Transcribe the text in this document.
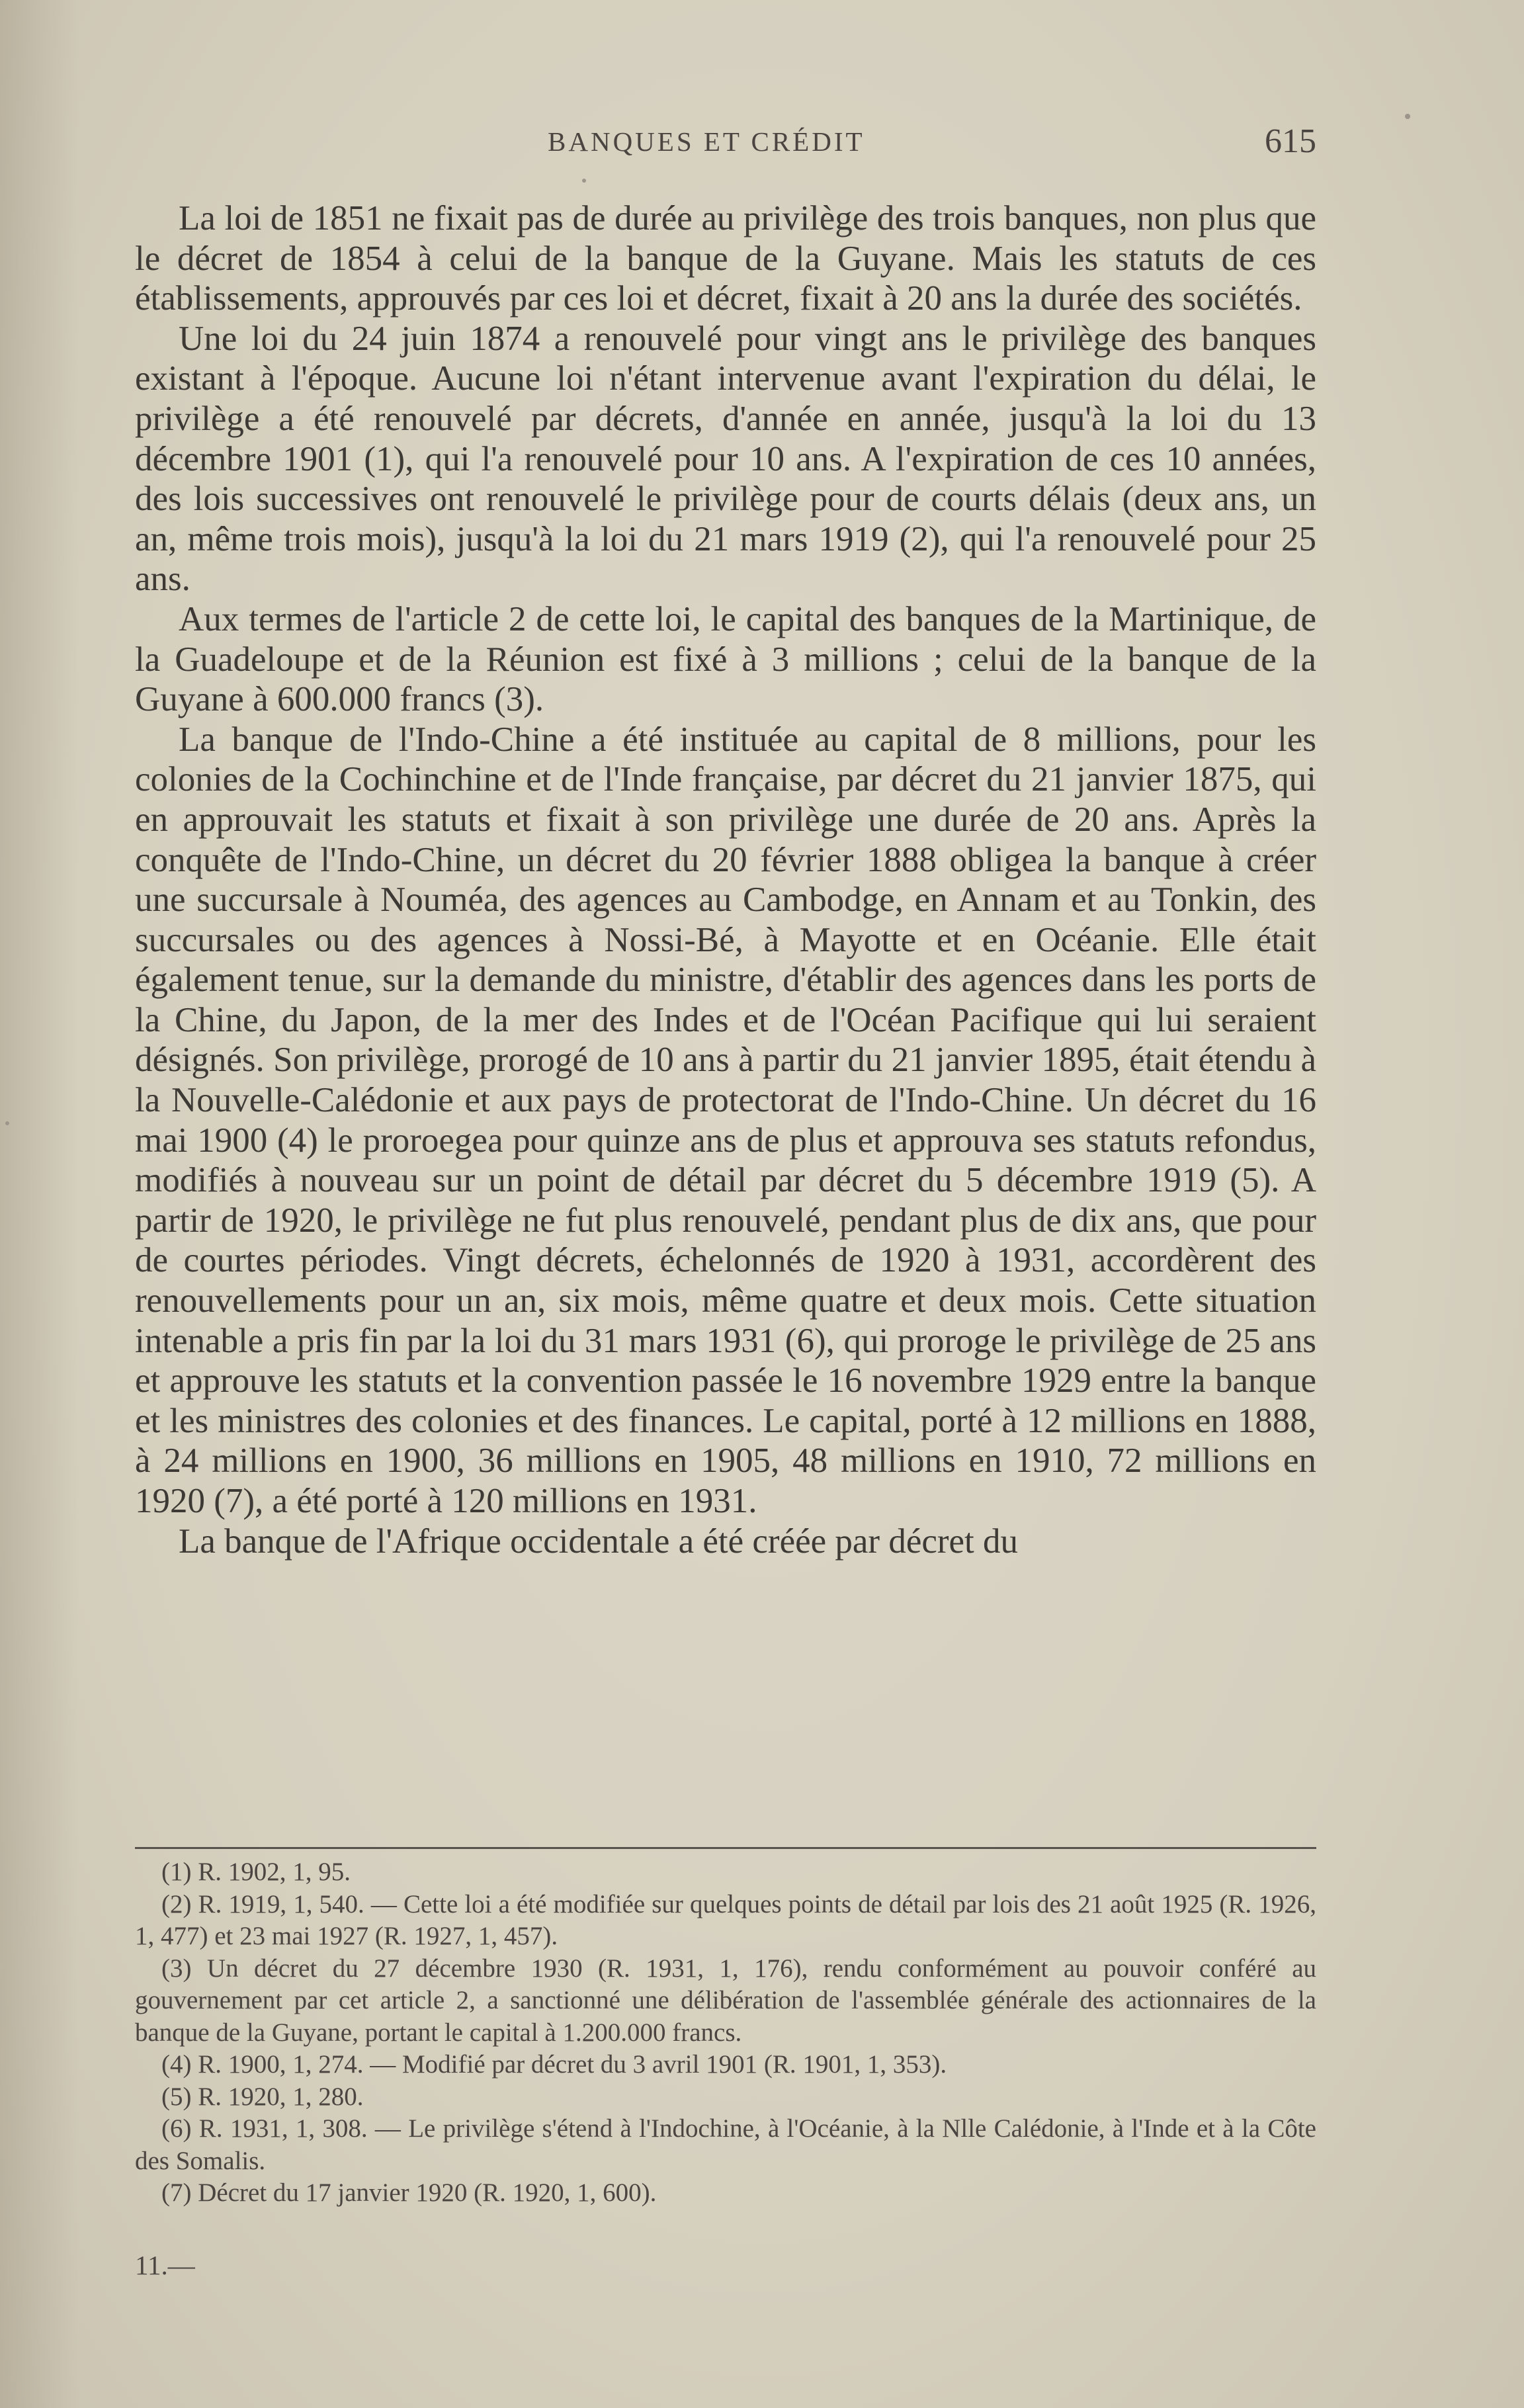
BANQUES ET CRÉDIT	615

La loi de 1851 ne fixait pas de durée au privilège des trois banques, non plus que le décret de 1854 à celui de la banque de la Guyane. Mais les statuts de ces établissements, approuvés par ces loi et décret, fixait à 20 ans la durée des sociétés.

Une loi du 24 juin 1874 a renouvelé pour vingt ans le privilège des banques existant à l'époque. Aucune loi n'étant intervenue avant l'expiration du délai, le privilège a été renouvelé par décrets, d'année en année, jusqu'à la loi du 13 décembre 1901 (1), qui l'a renouvelé pour 10 ans. A l'expiration de ces 10 années, des lois successives ont renouvelé le privilège pour de courts délais (deux ans, un an, même trois mois), jusqu'à la loi du 21 mars 1919 (2), qui l'a renouvelé pour 25 ans.

Aux termes de l'article 2 de cette loi, le capital des banques de la Martinique, de la Guadeloupe et de la Réunion est fixé à 3 millions ; celui de la banque de la Guyane à 600.000 francs (3).

La banque de l'Indo-Chine a été instituée au capital de 8 millions, pour les colonies de la Cochinchine et de l'Inde française, par décret du 21 janvier 1875, qui en approuvait les statuts et fixait à son privilège une durée de 20 ans. Après la conquête de l'Indo-Chine, un décret du 20 février 1888 obligea la banque à créer une succursale à Nouméa, des agences au Cambodge, en Annam et au Tonkin, des succursales ou des agences à Nossi-Bé, à Mayotte et en Océanie. Elle était également tenue, sur la demande du ministre, d'établir des agences dans les ports de la Chine, du Japon, de la mer des Indes et de l'Océan Pacifique qui lui seraient désignés. Son privilège, prorogé de 10 ans à partir du 21 janvier 1895, était étendu à la Nouvelle-Calédonie et aux pays de protectorat de l'Indo-Chine. Un décret du 16 mai 1900 (4) le proroegea pour quinze ans de plus et approuva ses statuts refondus, modifiés à nouveau sur un point de détail par décret du 5 décembre 1919 (5). A partir de 1920, le privilège ne fut plus renouvelé, pendant plus de dix ans, que pour de courtes périodes. Vingt décrets, échelonnés de 1920 à 1931, accordèrent des renouvellements pour un an, six mois, même quatre et deux mois. Cette situation intenable a pris fin par la loi du 31 mars 1931 (6), qui proroge le privilège de 25 ans et approuve les statuts et la convention passée le 16 novembre 1929 entre la banque et les ministres des colonies et des finances. Le capital, porté à 12 millions en 1888, à 24 millions en 1900, 36 millions en 1905, 48 millions en 1910, 72 millions en 1920 (7), a été porté à 120 millions en 1931.

La banque de l'Afrique occidentale a été créée par décret du

(1) R. 1902, 1, 95.

(2) R. 1919, 1, 540. — Cette loi a été modifiée sur quelques points de détail par lois des 21 août 1925 (R. 1926, 1, 477) et 23 mai 1927 (R. 1927, 1, 457).

(3) Un décret du 27 décembre 1930 (R. 1931, 1, 176), rendu conformément au pouvoir conféré au gouvernement par cet article 2, a sanctionné une délibération de l'assemblée générale des actionnaires de la banque de la Guyane, portant le capital à 1.200.000 francs.

(4) R. 1900, 1, 274. — Modifié par décret du 3 avril 1901 (R. 1901, 1, 353).

(5) R. 1920, 1, 280.

(6) R. 1931, 1, 308. — Le privilège s'étend à l'Indochine, à l'Océanie, à la Nlle Calédonie, à l'Inde et à la Côte des Somalis.

(7) Décret du 17 janvier 1920 (R. 1920, 1, 600).

11.—
